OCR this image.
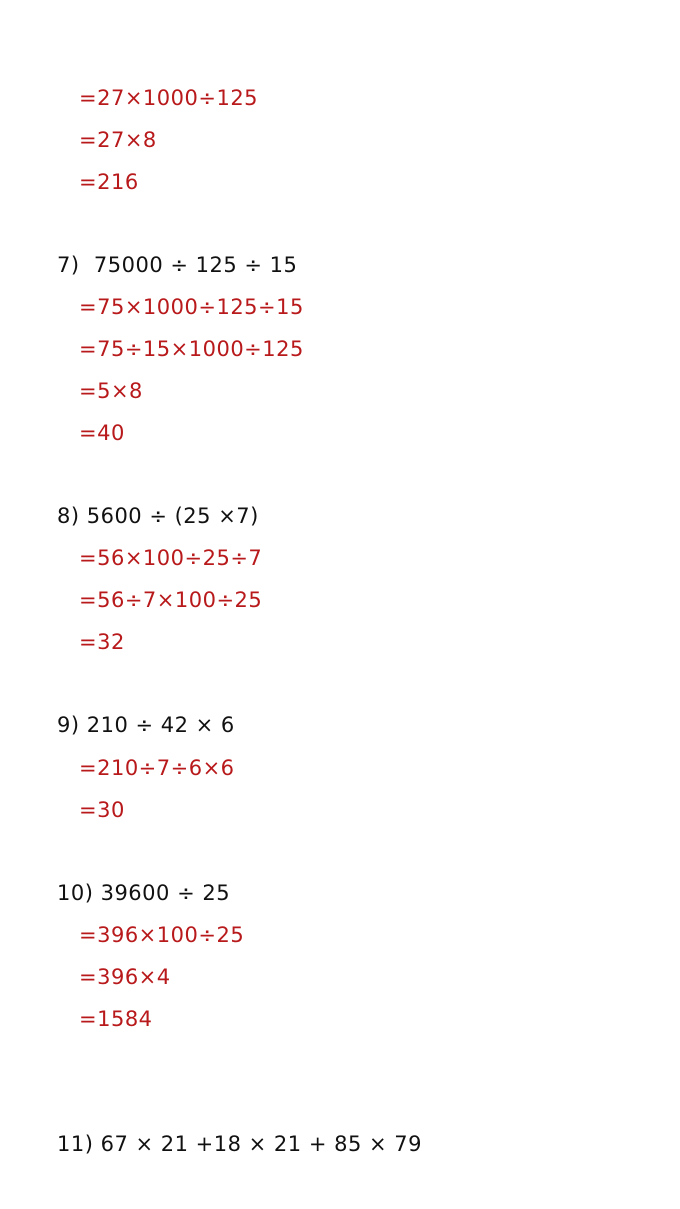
=27×1000÷125
=27×8
=216
7)  75000 ÷ 125 ÷ 15
=75×1000÷125÷15
=75÷15×1000÷125
=5×8
=40
8) 5600 ÷ (25 ×7)
=56×100÷25÷7
=56÷7×100÷25
=32
9) 210 ÷ 42 × 6
=210÷7÷6×6
=30
10) 39600 ÷ 25
=396×100÷25
=396×4
=1584
11) 67 × 21 +18 × 21 + 85 × 79
